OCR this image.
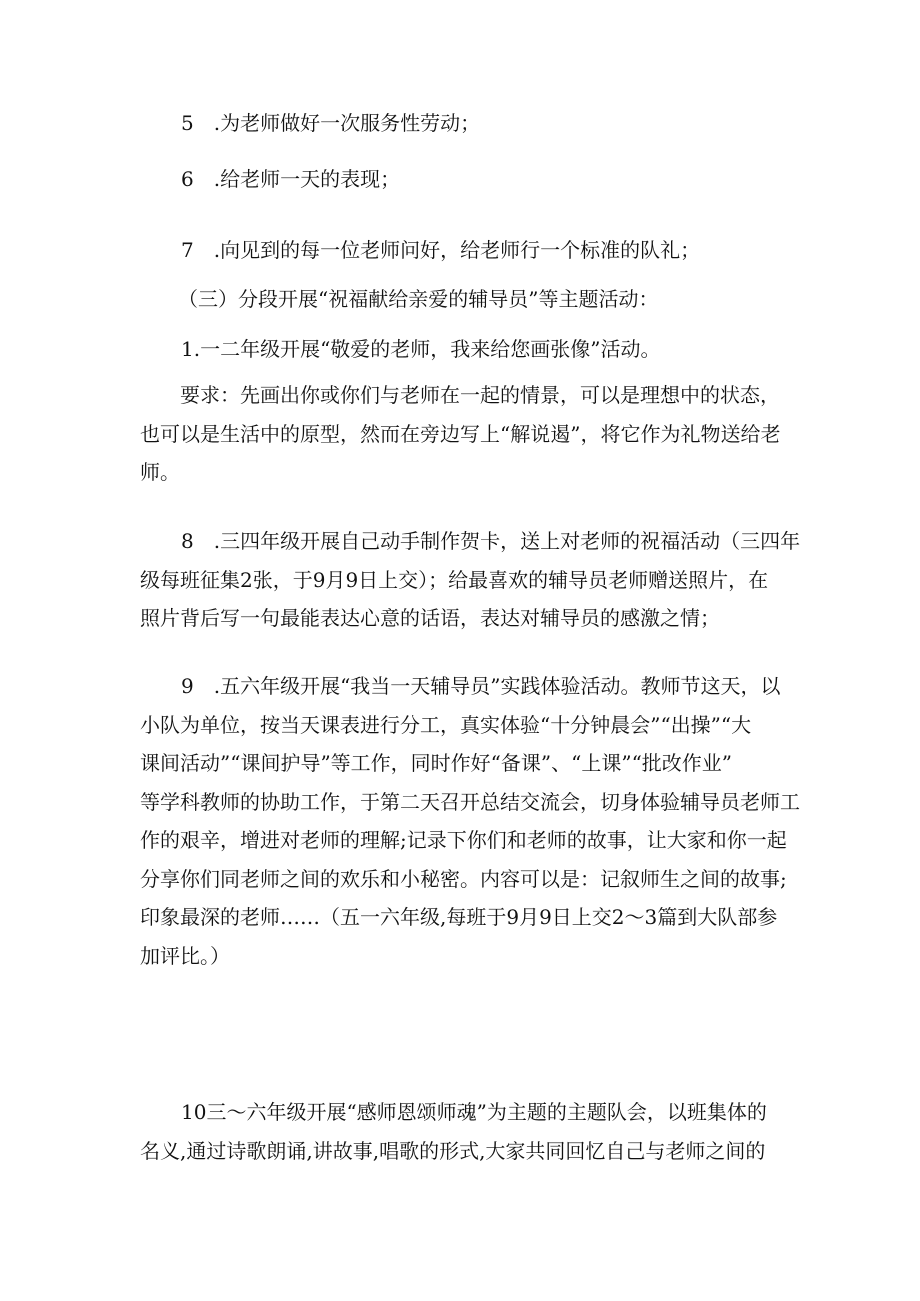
5　.为老师做好一次服务性劳动；

6　.给老师一天的表现；

7　.向见到的每一位老师问好，给老师行一个标准的队礼；

（三）分段开展“祝福献给亲爱的辅导员”等主题活动：

1.一二年级开展“敬爱的老师，我来给您画张像”活动。

要求：先画出你或你们与老师在一起的情景，可以是理想中的状态，
也可以是生活中的原型，然而在旁边写上“解说遏”，将它作为礼物送给老
师。
8　.三四年级开展自己动手制作贺卡，送上对老师的祝福活动（三四年
级每班征集2张，于9月9日上交）；给最喜欢的辅导员老师赠送照片，在
照片背后写一句最能表达心意的话语，表达对辅导员的感激之情；
9　.五六年级开展“我当一天辅导员”实践体验活动。教师节这天，以
小队为单位，按当天课表进行分工，真实体验“十分钟晨会”“出操”“大
课间活动”“课间护导”等工作，同时作好“备课”、“上课”“批改作业”
等学科教师的协助工作，于第二天召开总结交流会，切身体验辅导员老师工
作的艰辛，增进对老师的理解;记录下你们和老师的故事，让大家和你一起
分享你们同老师之间的欢乐和小秘密。内容可以是：记叙师生之间的故事;
印象最深的老师……（五一六年级,每班于9月9日上交2～3篇到大队部参
加评比。）
10三～六年级开展“感师恩颂师魂”为主题的主题队会，以班集体的
名义,通过诗歌朗诵,讲故事,唱歌的形式,大家共同回忆自己与老师之间的
